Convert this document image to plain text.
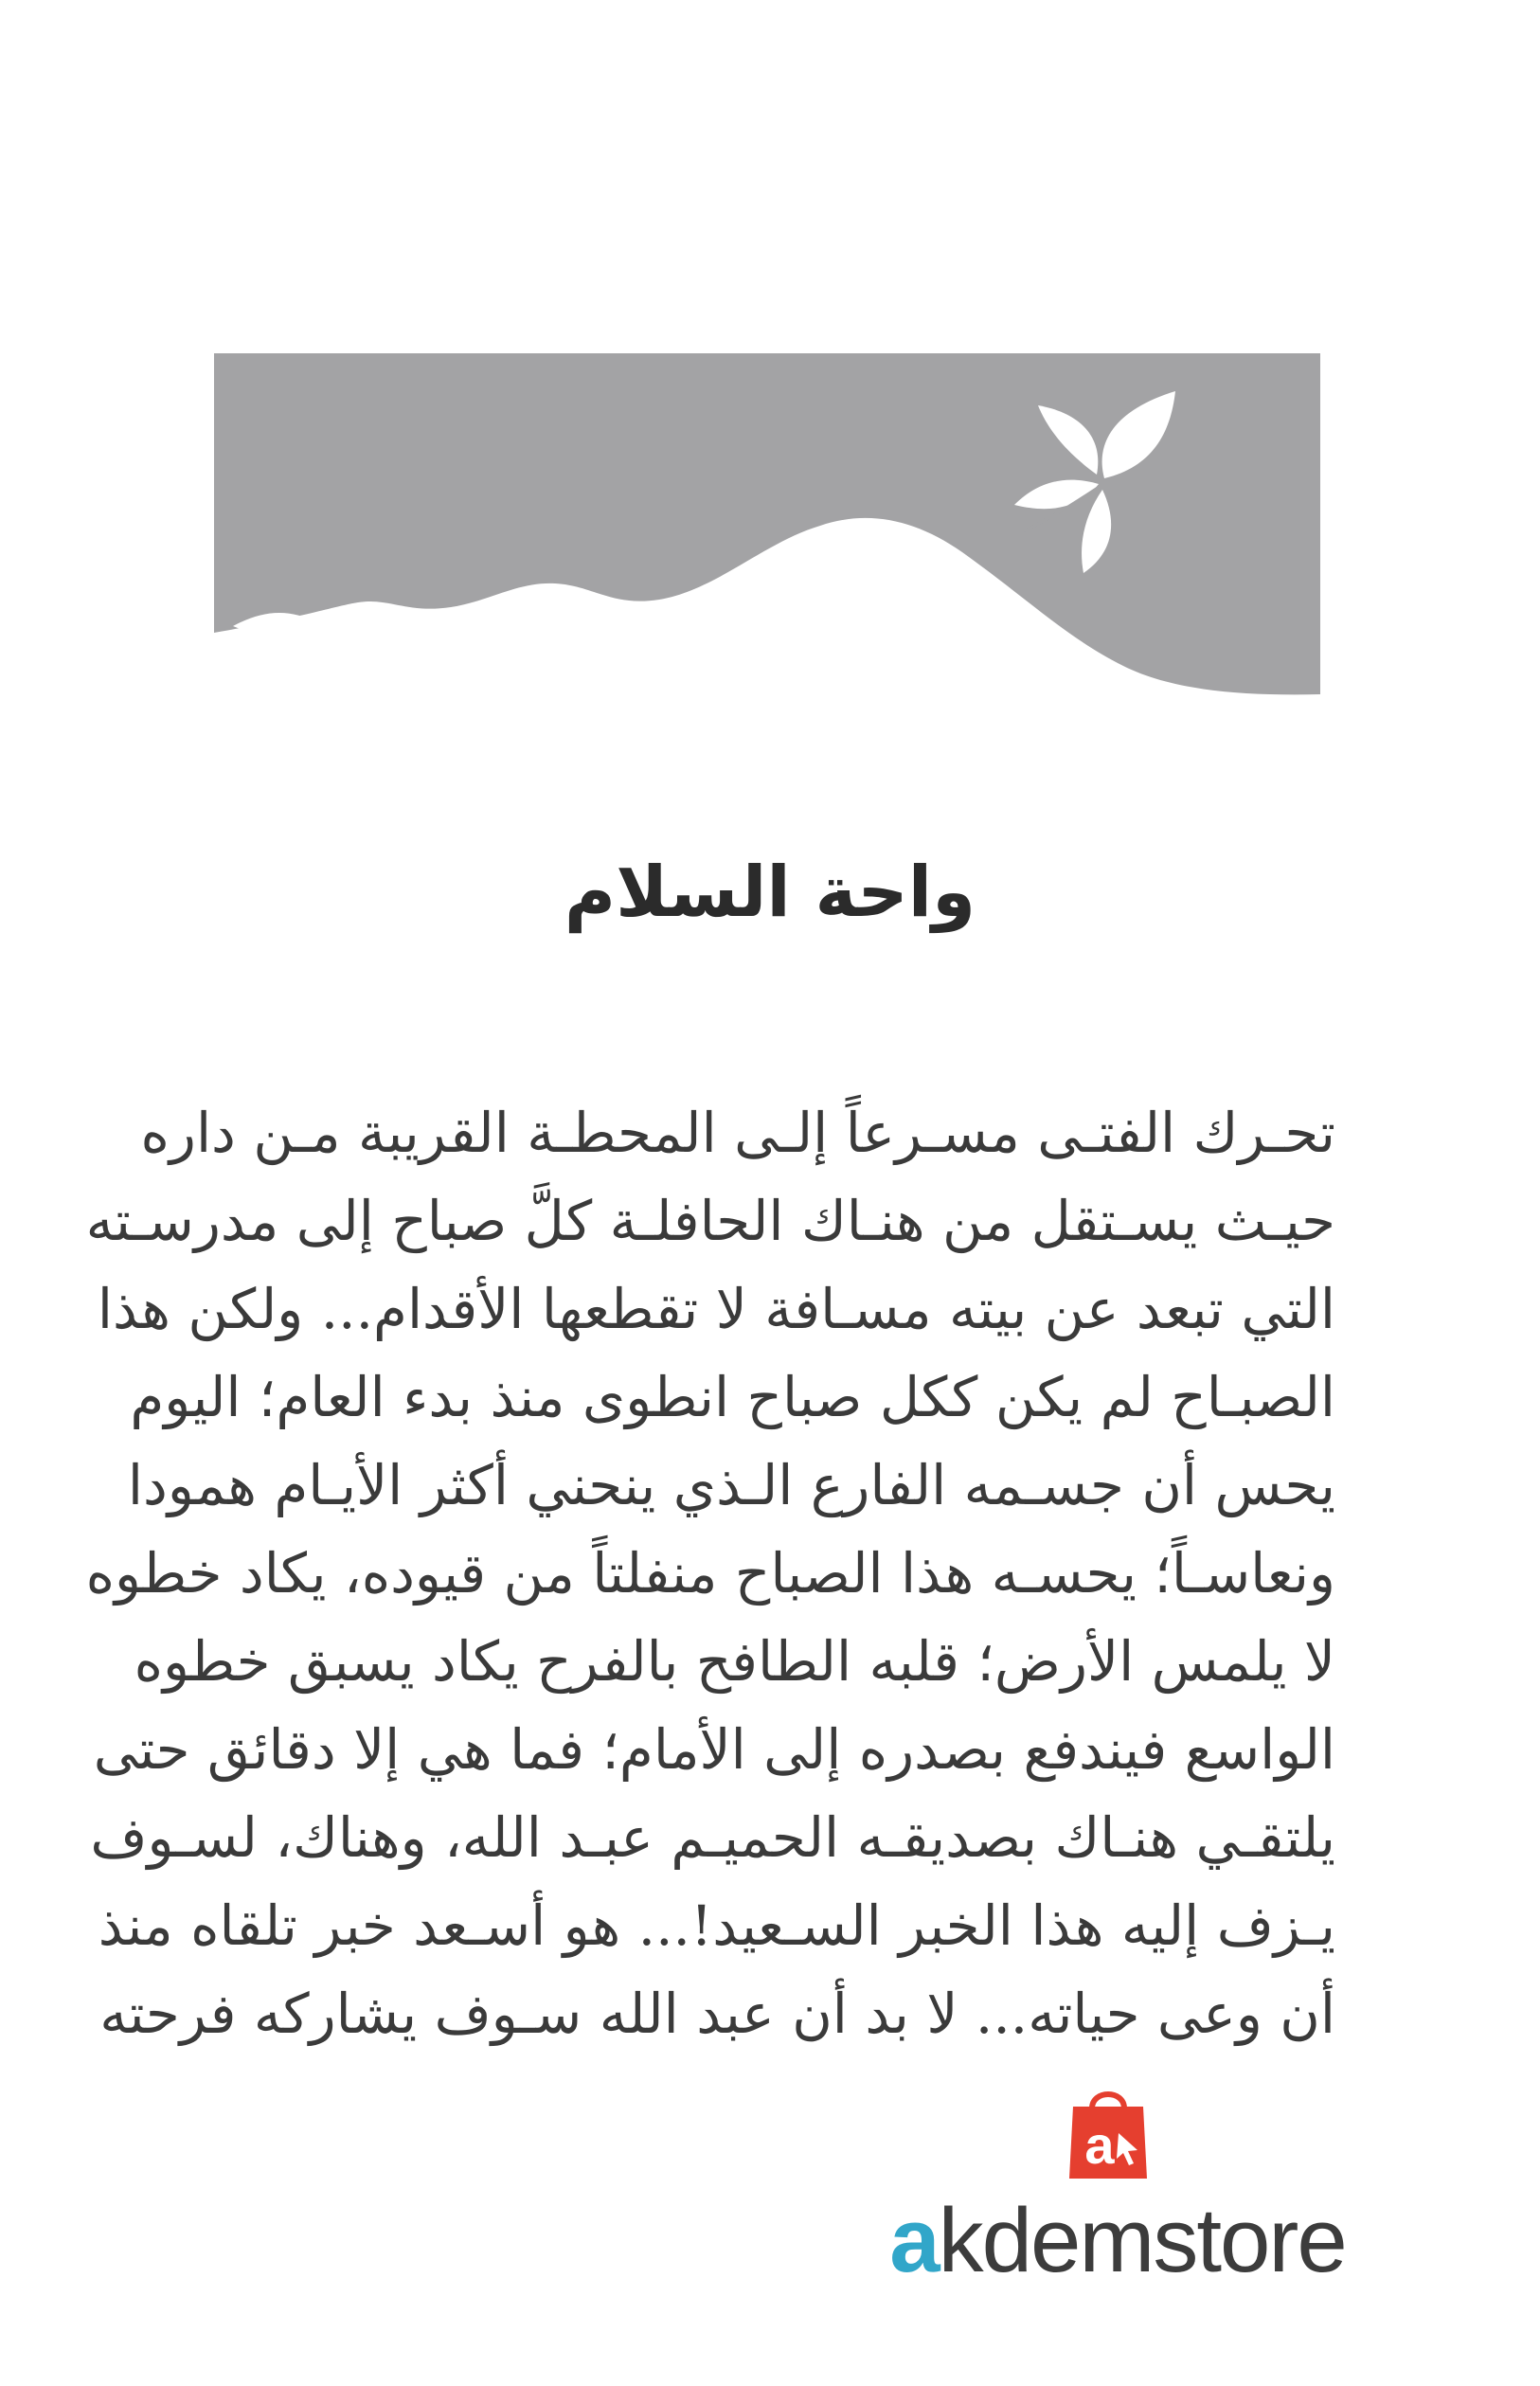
واحة السلام
تحـرك الفتـى مسـرعاً إلـى المحطـة القريبة مـن داره
حيـث يسـتقل من هنـاك الحافلـة كلَّ صباح إلى مدرسـته
التي تبعد عن بيته مسـافة لا تقطعها الأقدام... ولكن هذا
الصبـاح لم يكن ككل صباح انطوى منذ بدء العام؛ اليوم
يحس أن جسـمه الفارع الـذي ينحني أكثر الأيـام همودا
ونعاسـاً؛ يحسـه هذا الصباح منفلتاً من قيوده، يكاد خطوه
لا يلمس الأرض؛ قلبه الطافح بالفرح يكاد يسبق خطوه
الواسع فيندفع بصدره إلى الأمام؛ فما هي إلا دقائق حتى
يلتقـي هنـاك بصديقـه الحميـم عبـد الله، وهناك، لسـوف
يـزف إليه هذا الخبر السـعيد!... هو أسـعد خبر تلقاه منذ
أن وعى حياته... لا بد أن عبد الله سـوف يشاركه فرحته
a
akdemstore
